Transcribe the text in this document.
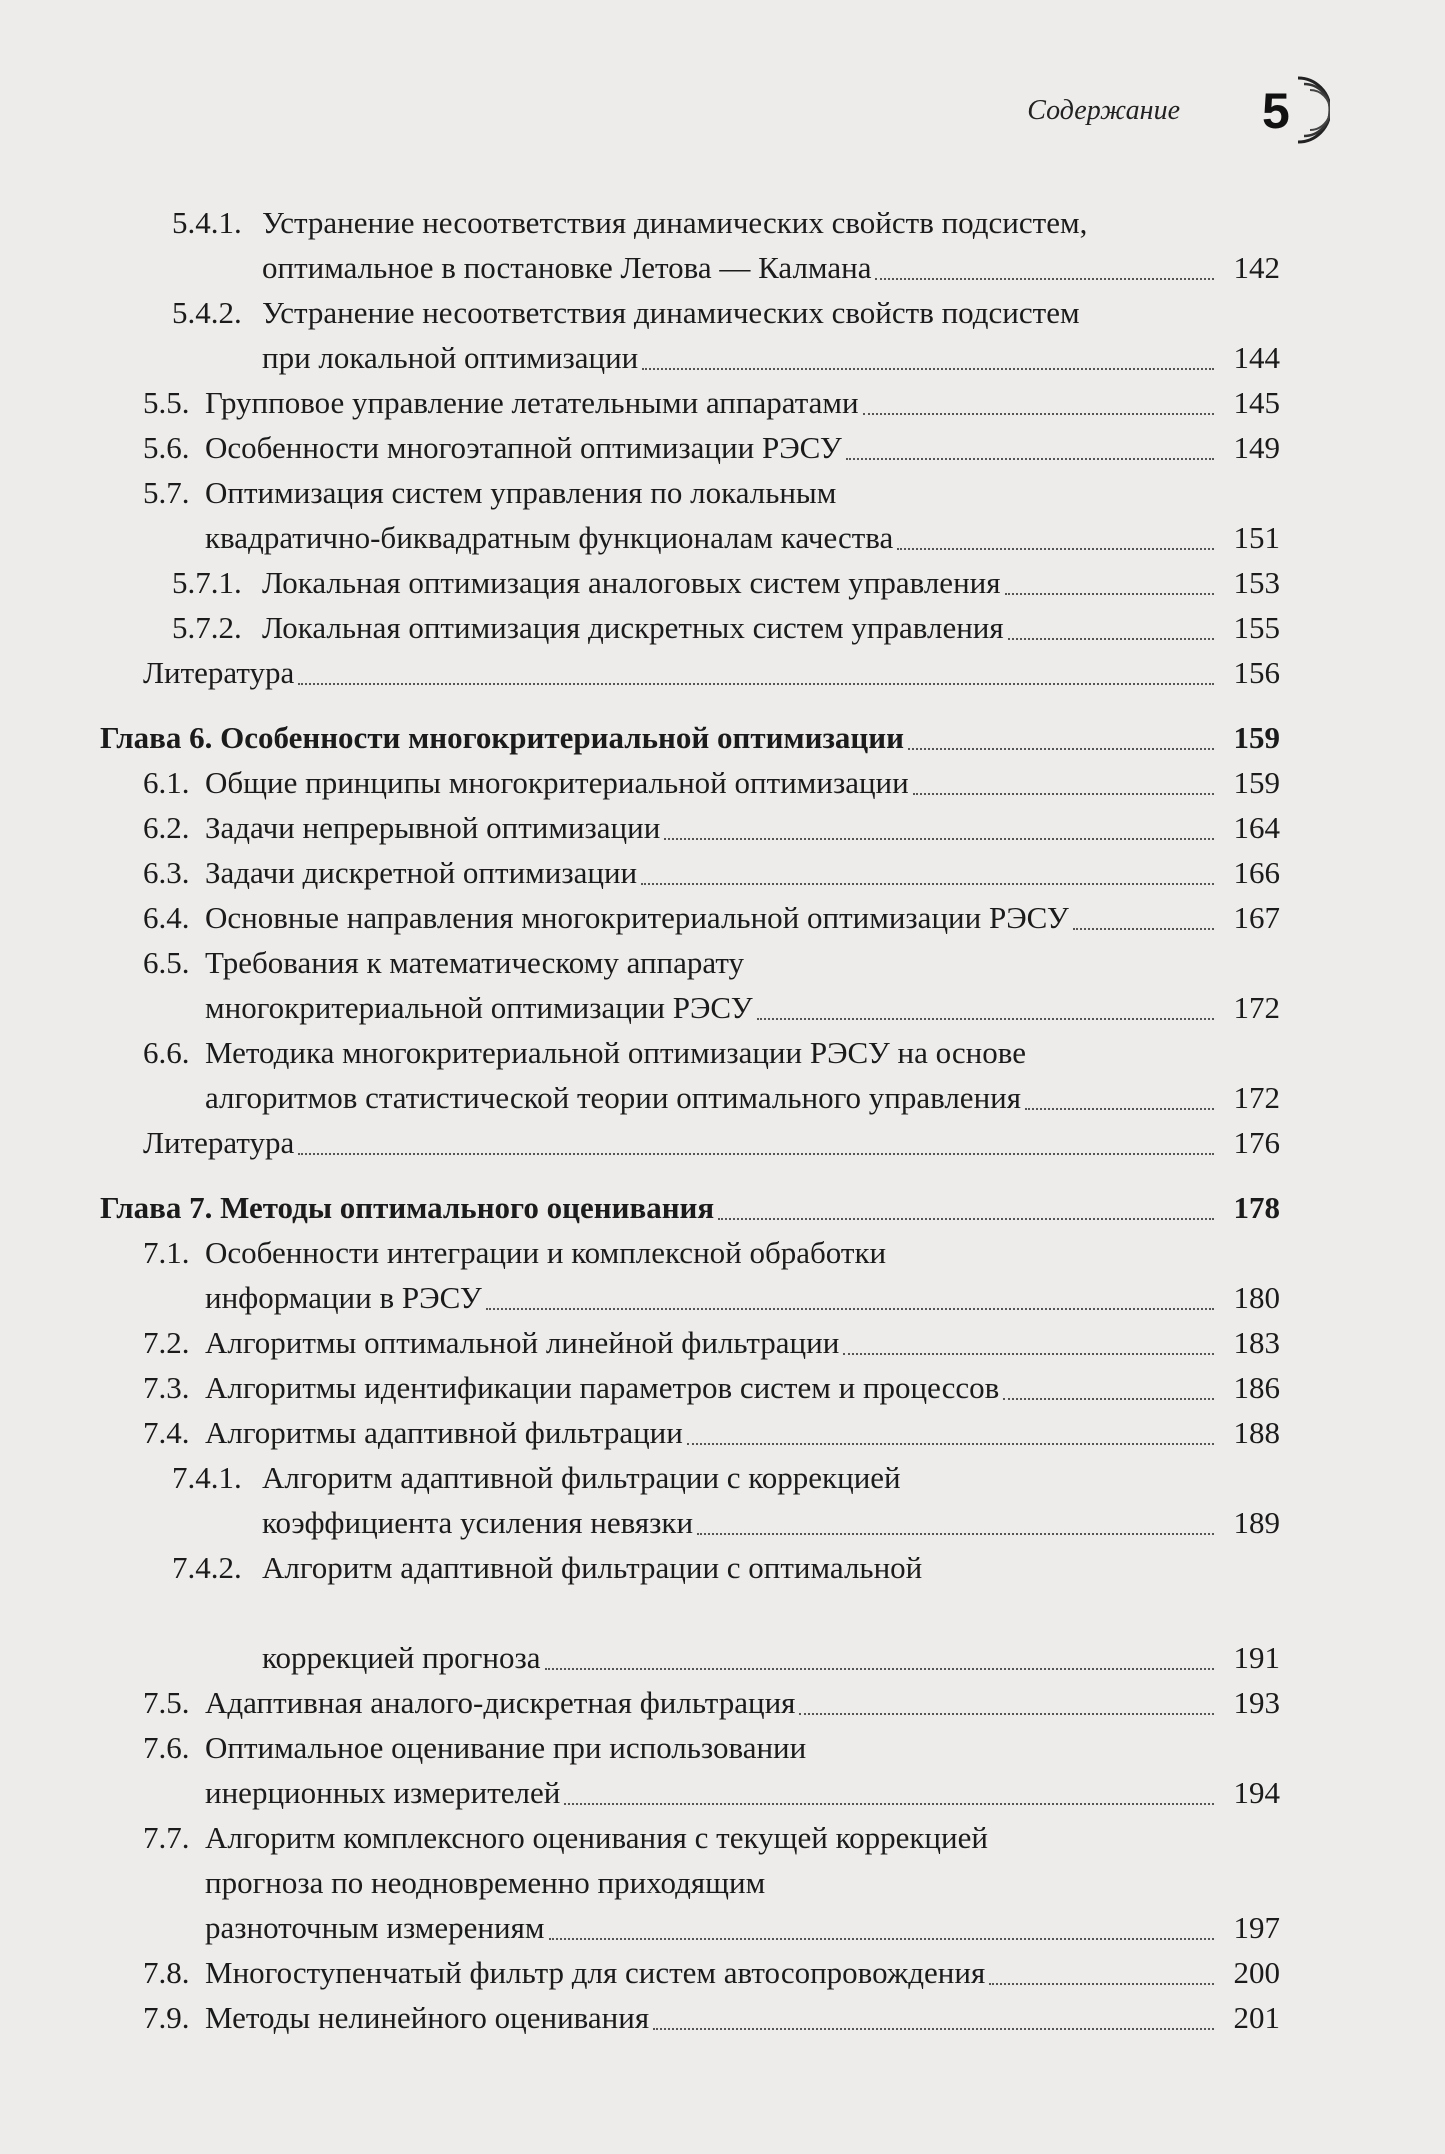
Содержание 5
5.4.1. Устранение несоответствия динамических свойств подсистем,
оптимальное в постановке Летова — Калмана	142
5.4.2. Устранение несоответствия динамических свойств подсистем
при локальной оптимизации	144
5.5. Групповое управление летательными аппаратами	145
5.6. Особенности многоэтапной оптимизации РЭСУ	149
5.7. Оптимизация систем управления по локальным
квадратично-биквадратным функционалам качества	151
5.7.1. Локальная оптимизация аналоговых систем управления	153
5.7.2. Локальная оптимизация дискретных систем управления	155
Литература	156
Глава 6. Особенности многокритериальной оптимизации	159
6.1. Общие принципы многокритериальной оптимизации	159
6.2. Задачи непрерывной оптимизации	164
6.3. Задачи дискретной оптимизации	166
6.4. Основные направления многокритериальной оптимизации РЭСУ	167
6.5. Требования к математическому аппарату
многокритериальной оптимизации РЭСУ	172
6.6. Методика многокритериальной оптимизации РЭСУ на основе
алгоритмов статистической теории оптимального управления	172
Литература	176
Глава 7. Методы оптимального оценивания	178
7.1. Особенности интеграции и комплексной обработки
информации в РЭСУ	180
7.2. Алгоритмы оптимальной линейной фильтрации	183
7.3. Алгоритмы идентификации параметров систем и процессов	186
7.4. Алгоритмы адаптивной фильтрации	188
7.4.1. Алгоритм адаптивной фильтрации с коррекцией
коэффициента усиления невязки	189
7.4.2. Алгоритм адаптивной фильтрации с оптимальной
коррекцией прогноза	191
7.5. Адаптивная аналого-дискретная фильтрация	193
7.6. Оптимальное оценивание при использовании
инерционных измерителей	194
7.7. Алгоритм комплексного оценивания с текущей коррекцией
прогноза по неодновременно приходящим
разноточным измерениям	197
7.8. Многоступенчатый фильтр для систем автосопровождения	200
7.9. Методы нелинейного оценивания	201
